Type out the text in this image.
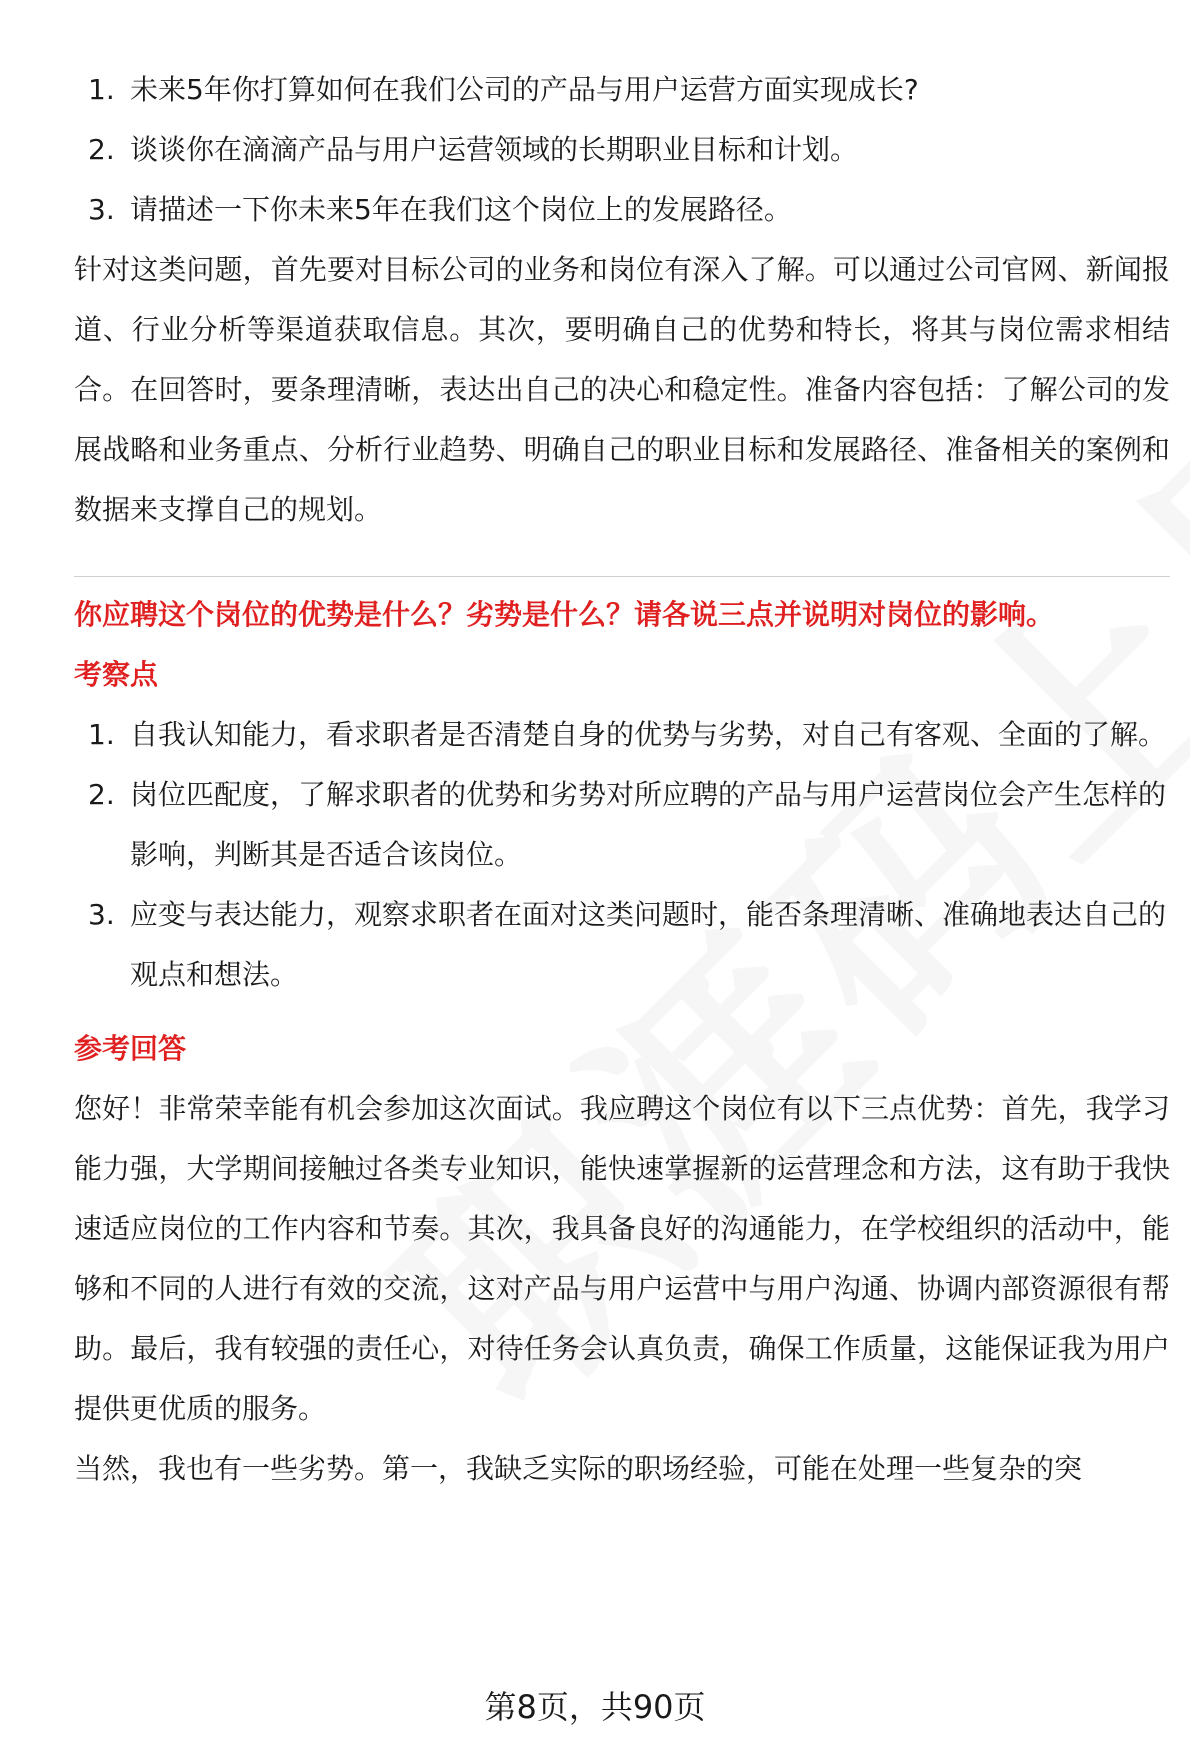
1. 未来5年你打算如何在我们公司的产品与用户运营方面实现成长?
2. 谈谈你在滴滴产品与用户运营领域的长期职业目标和计划。
3. 请描述一下你未来5年在我们这个岗位上的发展路径。

针对这类问题，首先要对目标公司的业务和岗位有深入了解。可以通过公司官网、新闻报道、行业分析等渠道获取信息。其次，要明确自己的优势和特长，将其与岗位需求相结合。在回答时，要条理清晰，表达出自己的决心和稳定性。准备内容包括：了解公司的发展战略和业务重点、分析行业趋势、明确自己的职业目标和发展路径、准备相关的案例和数据来支撑自己的规划。

你应聘这个岗位的优势是什么？劣势是什么？请各说三点并说明对岗位的影响。

考察点

1. 自我认知能力，看求职者是否清楚自身的优势与劣势，对自己有客观、全面的了解。
2. 岗位匹配度，了解求职者的优势和劣势对所应聘的产品与用户运营岗位会产生怎样的影响，判断其是否适合该岗位。
3. 应变与表达能力，观察求职者在面对这类问题时，能否条理清晰、准确地表达自己的观点和想法。

参考回答

您好！非常荣幸能有机会参加这次面试。我应聘这个岗位有以下三点优势：首先，我学习能力强，大学期间接触过各类专业知识，能快速掌握新的运营理念和方法，这有助于我快速适应岗位的工作内容和节奏。其次，我具备良好的沟通能力，在学校组织的活动中，能够和不同的人进行有效的交流，这对产品与用户运营中与用户沟通、协调内部资源很有帮助。最后，我有较强的责任心，对待任务会认真负责，确保工作质量，这能保证我为用户提供更优质的服务。

当然，我也有一些劣势。第一，我缺乏实际的职场经验，可能在处理一些复杂的突

第8页，共90页
